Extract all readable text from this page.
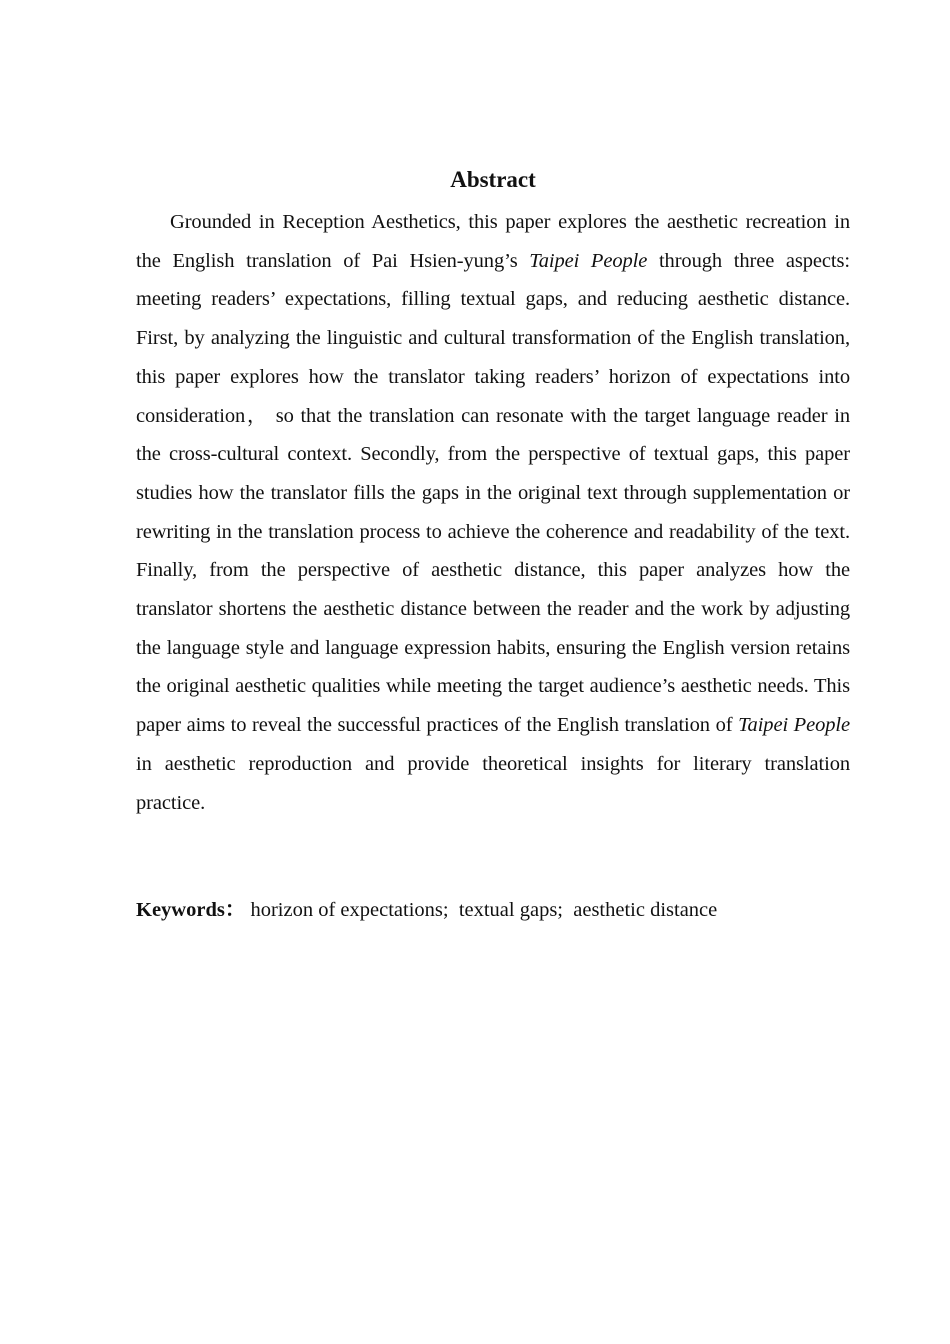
Abstract

Grounded in Reception Aesthetics, this paper explores the aesthetic recreation in the English translation of Pai Hsien-yung’s Taipei People through three aspects: meeting readers’ expectations, filling textual gaps, and reducing aesthetic distance. First, by analyzing the linguistic and cultural transformation of the English translation, this paper explores how the translator taking readers’ horizon of expectations into consideration， so that the translation can resonate with the target language reader in the cross-cultural context. Secondly, from the perspective of textual gaps, this paper studies how the translator fills the gaps in the original text through supplementation or rewriting in the translation process to achieve the coherence and readability of the text. Finally, from the perspective of aesthetic distance, this paper analyzes how the translator shortens the aesthetic distance between the reader and the work by adjusting the language style and language expression habits, ensuring the English version retains the original aesthetic qualities while meeting the target audience’s aesthetic needs. This paper aims to reveal the successful practices of the English translation of Taipei People in aesthetic reproduction and provide theoretical insights for literary translation practice.

Keywords： horizon of expectations; textual gaps; aesthetic distance
